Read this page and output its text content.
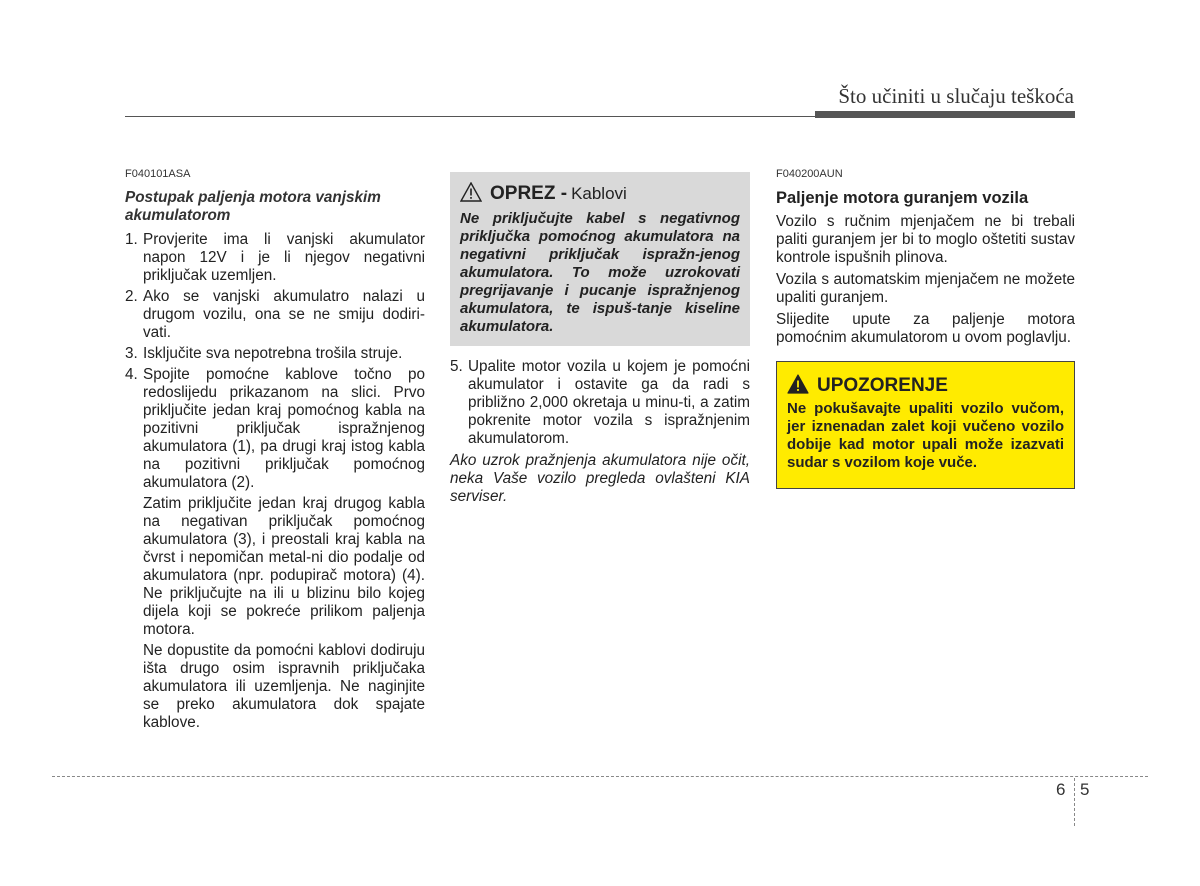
Što učiniti u slučaju teškoća
F040101ASA
Postupak paljenja motora vanjskim akumulatorom
1. Provjerite ima li vanjski akumulator napon 12V i je li njegov negativni priključak uzemljen.
2. Ako se vanjski akumulatro nalazi u drugom vozilu, ona se ne smiju dodiri-vati.
3. Isključite sva nepotrebna trošila struje.
4. Spojite pomoćne kablove točno po redoslijedu prikazanom na slici. Prvo priključite jedan kraj pomoćnog kabla na pozitivni priključak ispražnjenog akumulatora (1), pa drugi kraj istog kabla na pozitivni priključak pomoćnog akumulatora (2).
Zatim priključite jedan kraj drugog kabla na negativan priključak pomoćnog akumulatora (3), i preostali kraj kabla na čvrst i nepomičan metal-ni dio podalje od akumulatora (npr. podupirač motora) (4). Ne priključujte na ili u blizinu bilo kojeg dijela koji se pokreće prilikom paljenja motora.
Ne dopustite da pomoćni kablovi dodiruju išta drugo osim ispravnih priključaka akumulatora ili uzemljenja. Ne naginjite se preko akumulatora dok spajate kablove.
OPREZ - Kablovi
Ne priključujte kabel s negativnog priključka pomoćnog akumulatora na negativni priključak ispražn-jenog akumulatora. To može uzrokovati pregrijavanje i pucanje ispražnjenog akumulatora, te ispuš-tanje kiseline akumulatora.
5. Upalite motor vozila u kojem je pomoćni akumulator i ostavite ga da radi s približno 2,000 okretaja u minu-ti, a zatim pokrenite motor vozila s ispražnjenim akumulatorom.
Ako uzrok pražnjenja akumulatora nije očit, neka Vaše vozilo pregleda ovlašteni KIA serviser.
F040200AUN
Paljenje motora guranjem vozila

Vozilo s ručnim mjenjačem ne bi trebali paliti guranjem jer bi to moglo oštetiti sustav kontrole ispušnih plinova.

Vozila s automatskim mjenjačem ne možete upaliti guranjem.

Slijedite upute za paljenje motora pomoćnim akumulatorom u ovom poglavlju.

UPOZORENJE
Ne pokušavajte upaliti vozilo vučom, jer iznenadan zalet koji vučeno vozilo dobije kad motor upali može izazvati sudar s vozilom koje vuče.
6 5
